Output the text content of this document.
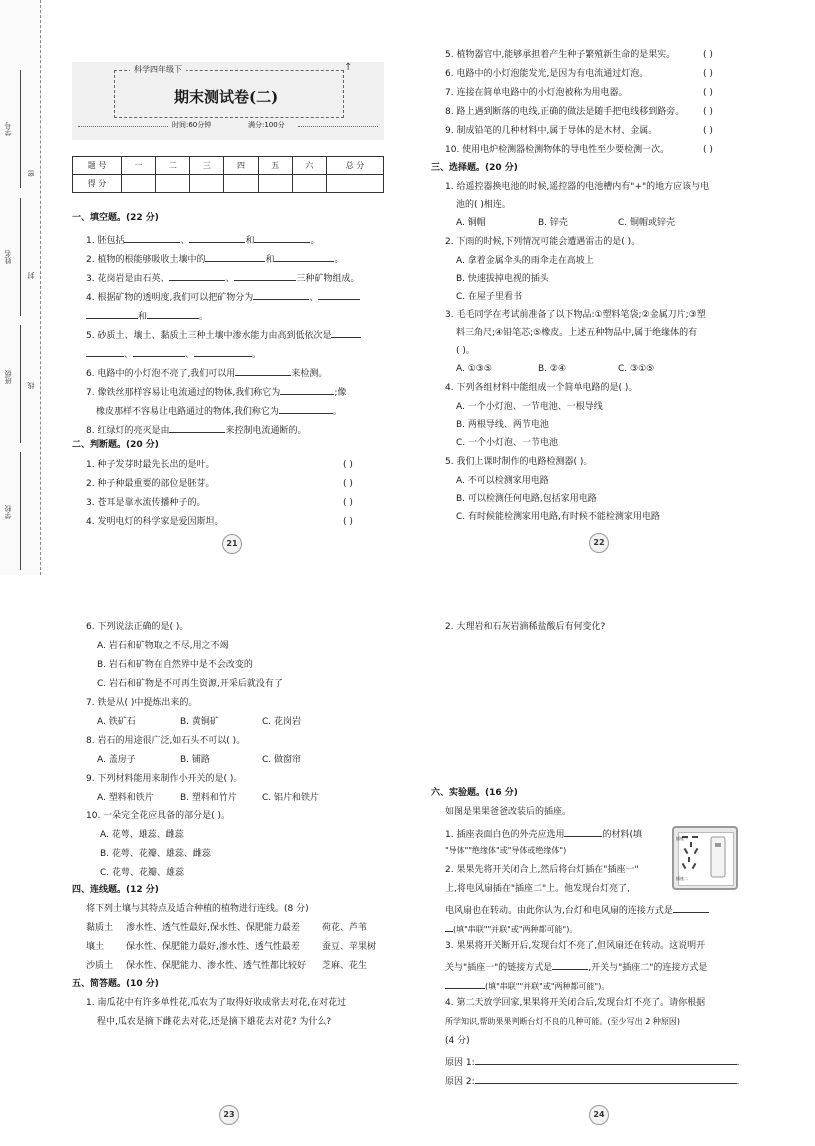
学号
姓名
班级
学校
密
封
线
科学四年级下
期末测试卷(二)
↑
时间:60分钟	满分:100分
题 号	一	二	三	四	五	六	总 分
得 分							
一、填空题。(22 分)
1. 胚包括	、	和	。
2. 植物的根能够吸收土壤中的	和	。
3. 花岗岩是由石英、	、	三种矿物组成。
4. 根据矿物的透明度,我们可以把矿物分为	、
和	。
5. 砂质土、壤土、黏质土三种土壤中渗水能力由高到低依次是
、	、	。
6. 电路中的小灯泡不亮了,我们可以用	来检测。
7. 像铁丝那样容易让电流通过的物体,我们称它为	;像
橡皮那样不容易让电路通过的物体,我们称它为	。
8. 红绿灯的亮灭是由	来控制电流通断的。
二、判断题。(20 分)
1. 种子发芽时最先长出的是叶。	( )
2. 种子种最重要的部位是胚芽。	( )
3. 苍耳是靠水流传播种子的。	( )
4. 发明电灯的科学家是爱因斯坦。	( )
21
5. 植物器官中,能够承担着产生种子繁殖新生命的是果实。	( )
6. 电路中的小灯泡能发光,是因为有电流通过灯泡。	( )
7. 连接在简单电路中的小灯泡被称为用电器。	( )
8. 路上遇到断落的电线,正确的做法是随手把电线移到路旁。 ( )
9. 制成铅笔的几种材料中,属于导体的是木材、金属。	( )
10. 使用电炉检测器检测物体的导电性至少要检测一次。	( )
三、选择题。(20 分)
1. 给遥控器换电池的时候,遥控器的电池槽内有"+"的地方应该与电
池的( )相连。
A. 铜帽	B. 锌壳	C. 铜帽或锌壳
2. 下雨的时候,下列情况可能会遭遇雷击的是( )。
A. 拿着金属伞头的雨伞走在高坡上
B. 快速拔掉电视的插头
C. 在屋子里看书
3. 毛毛同学在考试前准备了以下物品:①塑料笔袋;②金属刀片;③塑
料三角尺;④铅笔芯;⑤橡皮。上述五种物品中,属于绝缘体的有
( )。
A. ①③⑤	B. ②④	C. ③①⑤
4. 下列各组材料中能组成一个简单电路的是( )。
A. 一个小灯泡、一节电池、一根导线
B. 两根导线、两节电池
C. 一个小灯泡、一节电池
5. 我们上课时制作的电路检测器( )。
A. 不可以检测家用电路
B. 可以检测任何电路,包括家用电路
C. 有时候能检测家用电路,有时候不能检测家用电路
22
6. 下列说法正确的是( )。
A. 岩石和矿物取之不尽,用之不竭
B. 岩石和矿物在自然界中是不会改变的
C. 岩石和矿物是不可再生资源,开采后就没有了
7. 铁是从( )中提炼出来的。
A. 铁矿石	B. 黄铜矿	C. 花岗岩
8. 岩石的用途很广泛,如石头不可以( )。
A. 盖房子	B. 铺路	C. 做窗帘
9. 下列材料能用来制作小开关的是( )。
A. 塑料和铁片	B. 塑料和竹片	C. 铝片和铁片
10. 一朵完全花应具备的部分是( )。
A. 花萼、雄蕊、雌蕊
B. 花萼、花瓣、雄蕊、雌蕊
C. 花萼、花瓣、雄蕊
四、连线题。(12 分)
将下列土壤与其特点及适合种植的植物进行连线。(8 分)
黏质土 渗水性、透气性最好,保水性、保肥能力最差 荷花、芦苇
壤土 保水性、保肥能力最好,渗水性、透气性最差 蚕豆、苹果树
沙质土 保水性、保肥能力、渗水性、透气性都比较好 芝麻、花生
五、简答题。(10 分)
1. 南瓜花中有许多单性花,瓜农为了取得好收成常去对花,在对花过
程中,瓜农是摘下雌花去对花,还是摘下雄花去对花? 为什么?
23
2. 大理岩和石灰岩滴稀盐酸后有何变化?
六、实验题。(16 分)
如图是果果爸爸改装后的插座。
1. 插座表面白色的外壳应选用	的材料(填
"导体""绝缘体"或"导体或绝缘体")
2. 果果先将开关闭合上,然后将台灯插在"插座一"
上,将电风扇插在"插座二"上。他发现台灯亮了,
电风扇也在转动。由此你认为,台灯和电风扇的连接方式是
(填"串联""并联"或"两种都可能")。
插座一
插座二
3. 果果将开关断开后,发现台灯不亮了,但风扇还在转动。这说明开
关与"插座一"的链接方式是	,开关与"插座二"的连接方式是
(填"串联""并联"或"两种都可能")。
4. 第二天放学回家,果果将开关闭合后,发现台灯不亮了。请你根据
所学知识,帮助果果判断台灯不良的几种可能。(至少写出 2 种原因)
(4 分)
原因 1:	.
原因 2:	.
24
